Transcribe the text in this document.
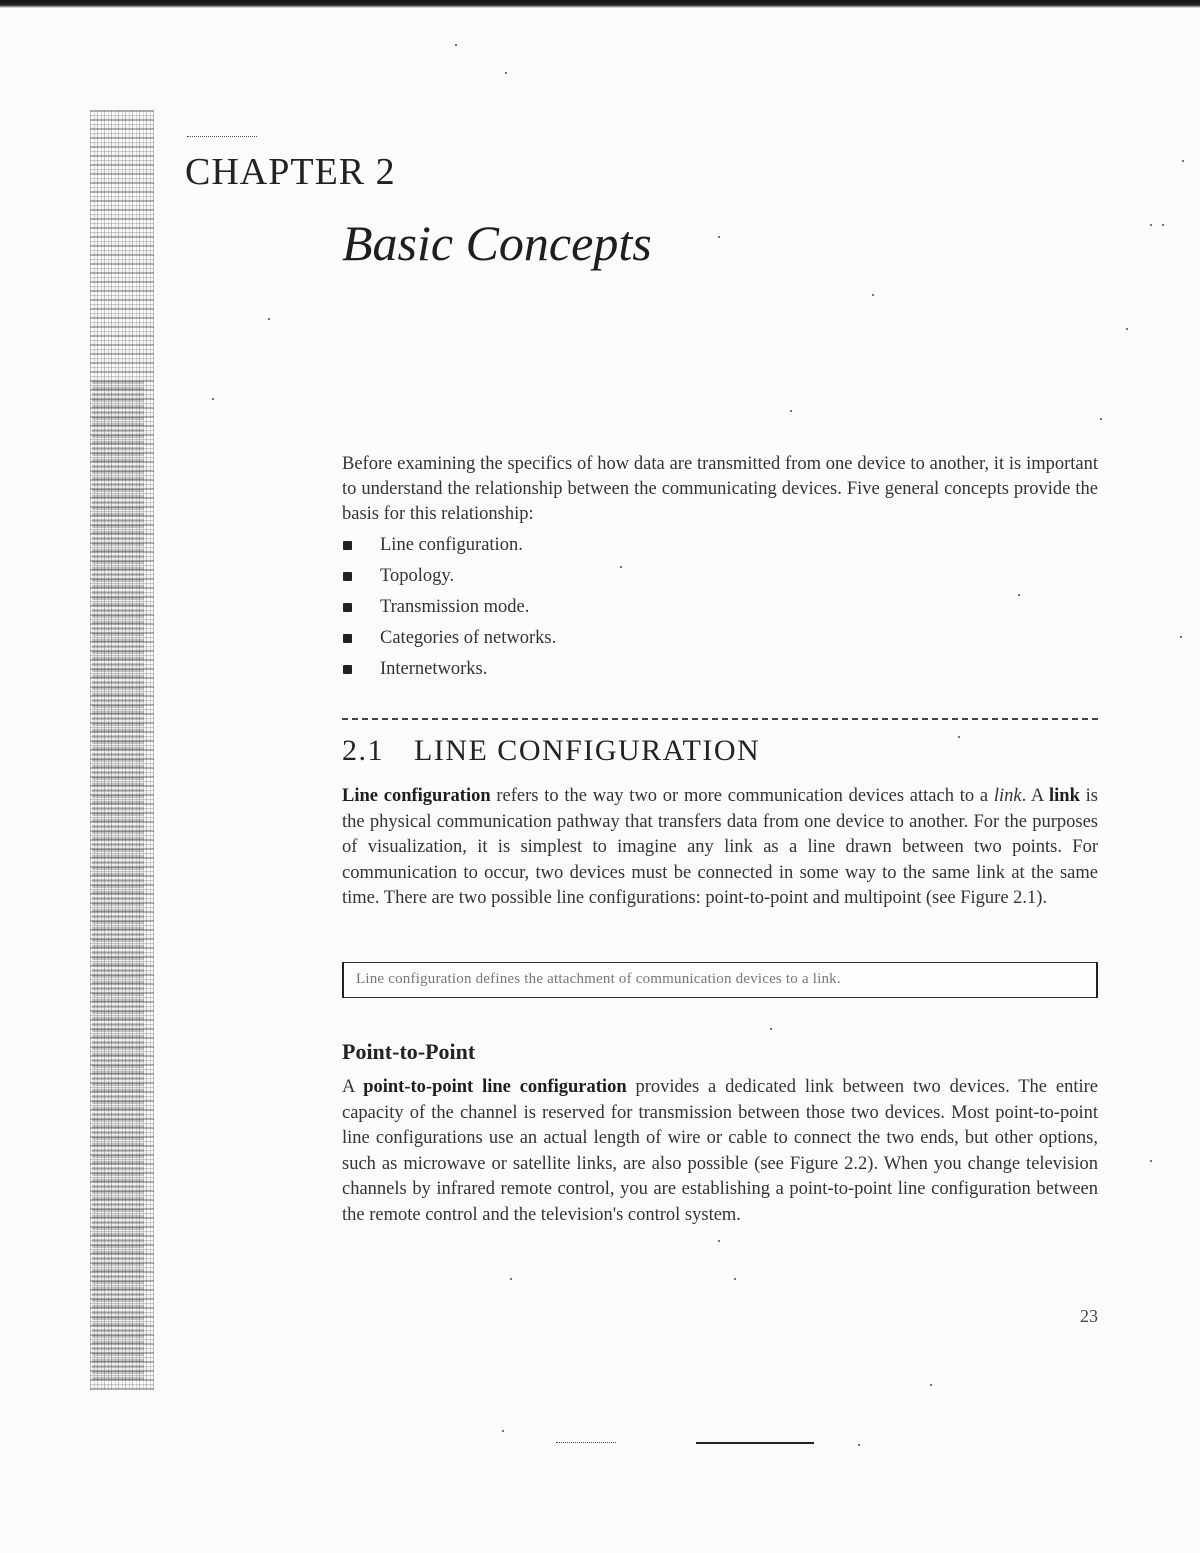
CHAPTER 2
Basic Concepts

Before examining the specifics of how data are transmitted from one device to another, it is important to understand the relationship between the communicating devices. Five general concepts provide the basis for this relationship:

Line configuration.
Topology.
Transmission mode.
Categories of networks.
Internetworks.
2.1 LINE CONFIGURATION

Line configuration refers to the way two or more communication devices attach to a link. A link is the physical communication pathway that transfers data from one device to another. For the purposes of visualization, it is simplest to imagine any link as a line drawn between two points. For communication to occur, two devices must be connected in some way to the same link at the same time. There are two possible line configurations: point-to-point and multipoint (see Figure 2.1).

Line configuration defines the attachment of communication devices to a link.
Point-to-Point

A point-to-point line configuration provides a dedicated link between two devices. The entire capacity of the channel is reserved for transmission between those two devices. Most point-to-point line configurations use an actual length of wire or cable to connect the two ends, but other options, such as microwave or satellite links, are also possible (see Figure 2.2). When you change television channels by infrared remote control, you are establishing a point-to-point line configuration between the remote control and the television's control system.

23
